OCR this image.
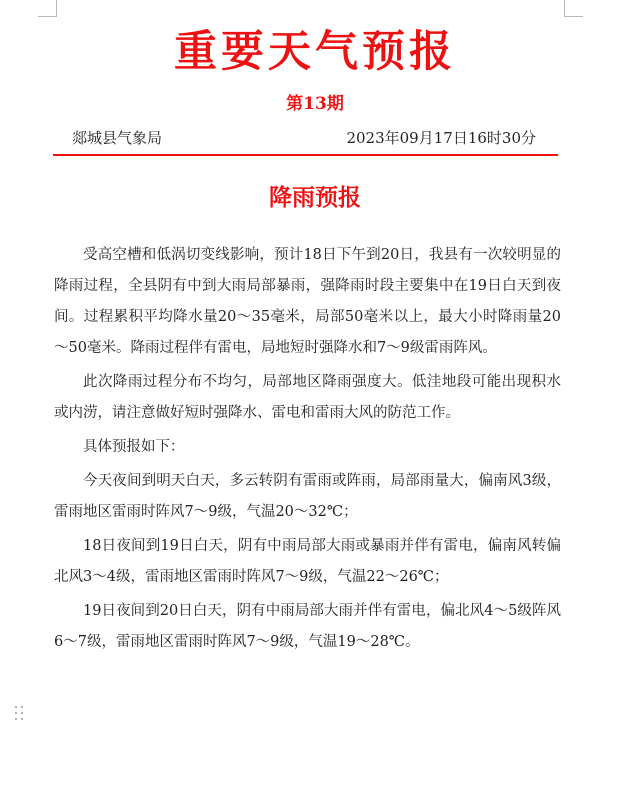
重要天气预报
第13期
郯城县气象局	2023年09月17日16时30分
降雨预报

受高空槽和低涡切变线影响，预计18日下午到20日，我县有一次较明显的降雨过程，全县阴有中到大雨局部暴雨，强降雨时段主要集中在19日白天到夜间。过程累积平均降水量20～35毫米，局部50毫米以上，最大小时降雨量20～50毫米。降雨过程伴有雷电，局地短时强降水和7～9级雷雨阵风。

此次降雨过程分布不均匀，局部地区降雨强度大。低洼地段可能出现积水或内涝，请注意做好短时强降水、雷电和雷雨大风的防范工作。

具体预报如下：

今天夜间到明天白天，多云转阴有雷雨或阵雨，局部雨量大，偏南风3级，雷雨地区雷雨时阵风7～9级，气温20～32℃；

18日夜间到19日白天，阴有中雨局部大雨或暴雨并伴有雷电，偏南风转偏北风3～4级，雷雨地区雷雨时阵风7～9级，气温22～26℃；

19日夜间到20日白天，阴有中雨局部大雨并伴有雷电，偏北风4～5级阵风6～7级，雷雨地区雷雨时阵风7～9级，气温19～28℃。
